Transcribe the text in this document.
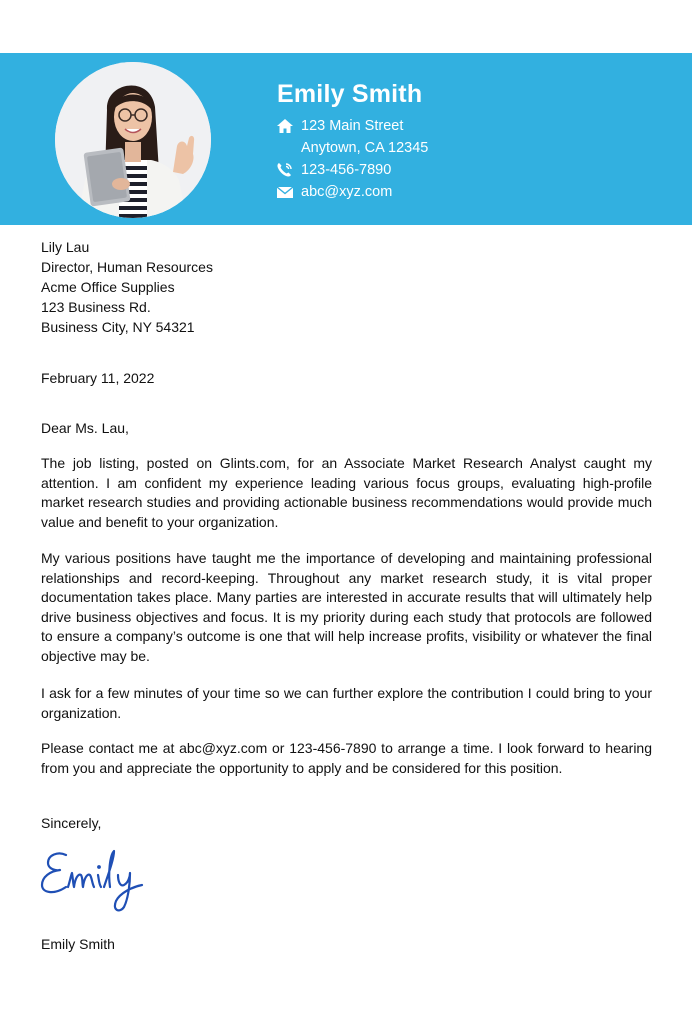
Emily Smith
123 Main Street
Anytown, CA 12345
123-456-7890
abc@xyz.com

Lily Lau

Director, Human Resources

Acme Office Supplies

123 Business Rd.

Business City, NY 54321

February 11, 2022

Dear Ms. Lau,

The job listing, posted on Glints.com, for an Associate Market Research Analyst caught my attention. I am confident my experience leading various focus groups, evaluating high-profile market research studies and providing actionable business recommendations would provide much value and benefit to your organization.

My various positions have taught me the importance of developing and maintaining professional relationships and record-keeping. Throughout any market research study, it is vital proper documentation takes place. Many parties are interested in accurate results that will ultimately help drive business objectives and focus. It is my priority during each study that protocols are followed to ensure a company’s outcome is one that will help increase profits, visibility or whatever the final objective may be.

I ask for a few minutes of your time so we can further explore the contribution I could bring to your organization.

Please contact me at abc@xyz.com or 123-456-7890 to arrange a time. I look forward to hearing from you and appreciate the opportunity to apply and be considered for this position.

Sincerely,

Emily Smith
